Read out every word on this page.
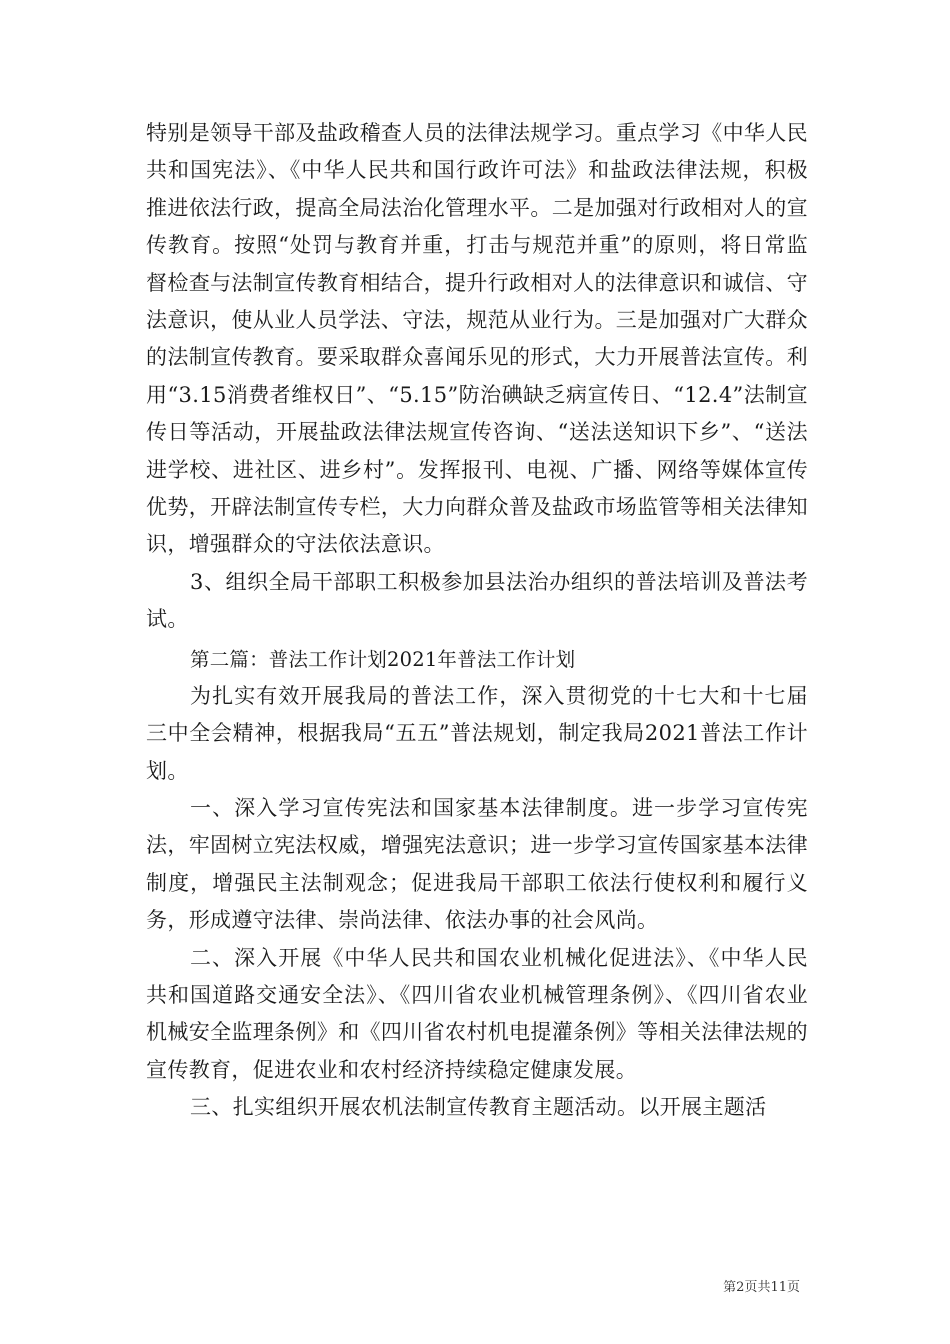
特别是领导干部及盐政稽查人员的法律法规学习。重点学习《中华人民共和国宪法》、《中华人民共和国行政许可法》和盐政法律法规，积极推进依法行政，提高全局法治化管理水平。二是加强对行政相对人的宣传教育。按照“处罚与教育并重，打击与规范并重”的原则，将日常监督检查与法制宣传教育相结合，提升行政相对人的法律意识和诚信、守法意识，使从业人员学法、守法，规范从业行为。三是加强对广大群众的法制宣传教育。要采取群众喜闻乐见的形式，大力开展普法宣传。利用“3.15消费者维权日”、“5.15”防治碘缺乏病宣传日、“12.4”法制宣传日等活动，开展盐政法律法规宣传咨询、“送法送知识下乡”、“送法进学校、进社区、进乡村”。发挥报刊、电视、广播、网络等媒体宣传优势，开辟法制宣传专栏，大力向群众普及盐政市场监管等相关法律知识，增强群众的守法依法意识。

3、组织全局干部职工积极参加县法治办组织的普法培训及普法考试。

第二篇：普法工作计划2021年普法工作计划

为扎实有效开展我局的普法工作，深入贯彻党的十七大和十七届三中全会精神，根据我局“五五”普法规划，制定我局2021普法工作计划。

一、深入学习宣传宪法和国家基本法律制度。进一步学习宣传宪法，牢固树立宪法权威，增强宪法意识；进一步学习宣传国家基本法律制度，增强民主法制观念；促进我局干部职工依法行使权利和履行义务，形成遵守法律、崇尚法律、依法办事的社会风尚。

二、深入开展《中华人民共和国农业机械化促进法》、《中华人民共和国道路交通安全法》、《四川省农业机械管理条例》、《四川省农业机械安全监理条例》和《四川省农村机电提灌条例》等相关法律法规的宣传教育，促进农业和农村经济持续稳定健康发展。

三、扎实组织开展农机法制宣传教育主题活动。以开展主题活

第2页共11页
